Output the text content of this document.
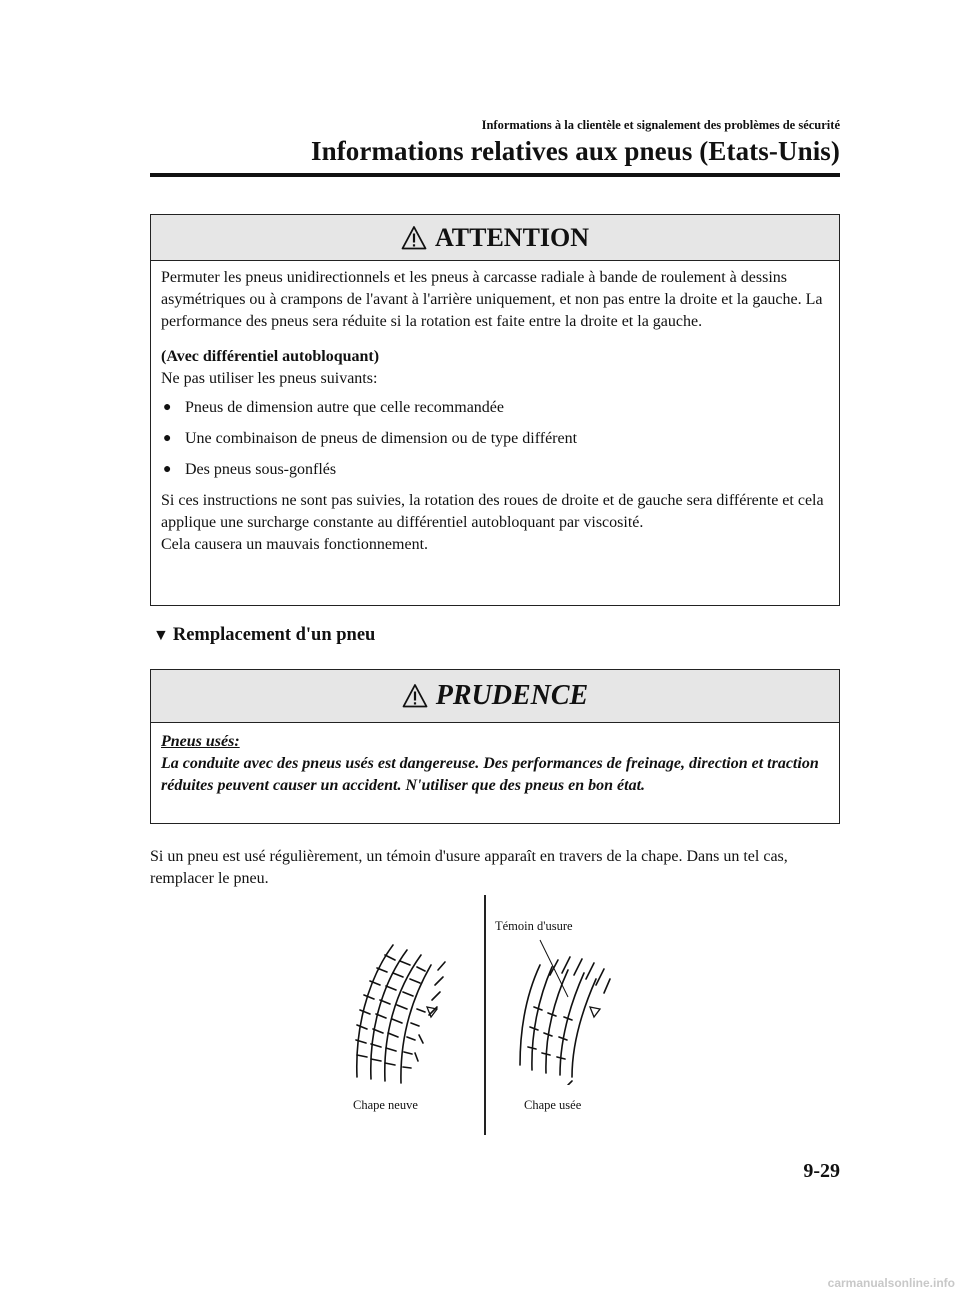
Informations à la clientèle et signalement des problèmes de sécurité
Informations relatives aux pneus (Etats-Unis)
ATTENTION

Permuter les pneus unidirectionnels et les pneus à carcasse radiale à bande de roulement à dessins asymétriques ou à crampons de l'avant à l'arrière uniquement, et non pas entre la droite et la gauche. La performance des pneus sera réduite si la rotation est faite entre la droite et la gauche.

(Avec différentiel autobloquant)

Ne pas utiliser les pneus suivants:

● Pneus de dimension autre que celle recommandée
● Une combinaison de pneus de dimension ou de type différent
● Des pneus sous-gonflés

Si ces instructions ne sont pas suivies, la rotation des roues de droite et de gauche sera différente et cela applique une surcharge constante au différentiel autobloquant par viscosité.

Cela causera un mauvais fonctionnement.

▼ Remplacement d'un pneu
PRUDENCE

Pneus usés:

La conduite avec des pneus usés est dangereuse. Des performances de freinage, direction et traction réduites peuvent causer un accident. N'utiliser que des pneus en bon état.

Si un pneu est usé régulièrement, un témoin d'usure apparaît en travers de la chape. Dans un tel cas, remplacer le pneu.
Témoin d'usure
Chape neuve	Chape usée
9-29
carmanualsonline.info
